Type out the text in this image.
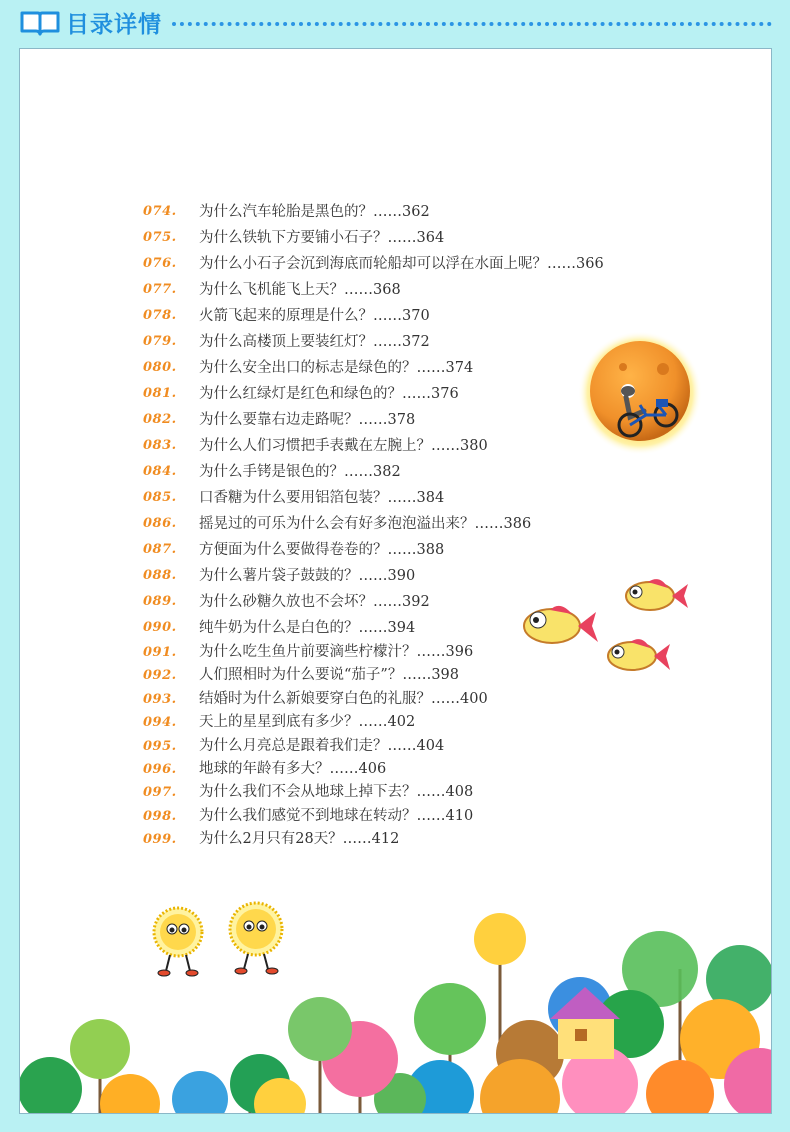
目录详情
074.	为什么汽车轮胎是黑色的？……362
075.	为什么铁轨下方要铺小石子？……364
076.	为什么小石子会沉到海底而轮船却可以浮在水面上呢？……366
077.	为什么飞机能飞上天？……368
078.	火箭飞起来的原理是什么？……370
079.	为什么高楼顶上要装红灯？……372
080.	为什么安全出口的标志是绿色的？……374
081.	为什么红绿灯是红色和绿色的？……376
082.	为什么要靠右边走路呢？……378
083.	为什么人们习惯把手表戴在左腕上？……380
084.	为什么手铐是银色的？……382
085.	口香糖为什么要用铝箔包装？……384
086.	摇晃过的可乐为什么会有好多泡泡溢出来？……386
087.	方便面为什么要做得卷卷的？……388
088.	为什么薯片袋子鼓鼓的？……390
089.	为什么砂糖久放也不会坏？……392
090.	纯牛奶为什么是白色的？……394
091.	为什么吃生鱼片前要滴些柠檬汁？……396
092.	人们照相时为什么要说“茄子”？……398
093.	结婚时为什么新娘要穿白色的礼服？……400
094.	天上的星星到底有多少？……402
095.	为什么月亮总是跟着我们走？……404
096.	地球的年龄有多大？……406
097.	为什么我们不会从地球上掉下去？……408
098.	为什么我们感觉不到地球在转动？……410
099.	为什么2月只有28天？……412
